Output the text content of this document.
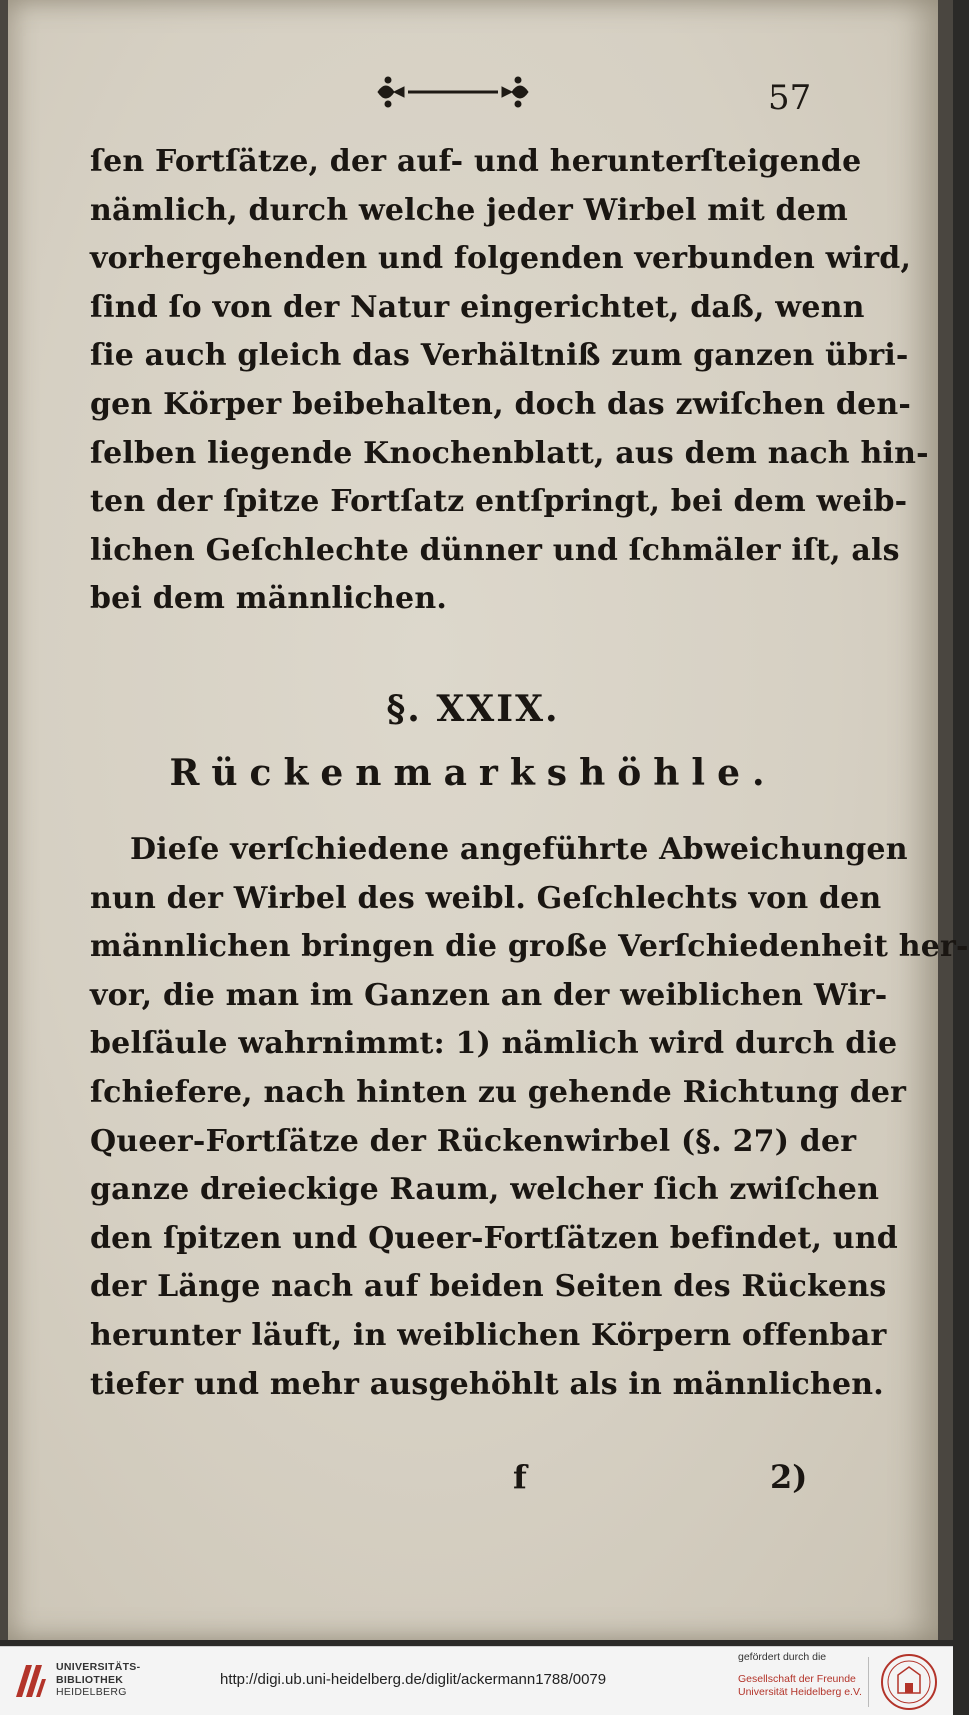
57
ſen Fortſätze, der auf- und herunterſteigende
nämlich, durch welche jeder Wirbel mit dem
vorhergehenden und folgenden verbunden wird,
ſind ſo von der Natur eingerichtet, daß, wenn
ſie auch gleich das Verhältniß zum ganzen übri-
gen Körper beibehalten, doch das zwiſchen den-
ſelben liegende Knochenblatt, aus dem nach hin-
ten der ſpitze Fortſatz entſpringt, bei dem weib-
lichen Geſchlechte dünner und ſchmäler iſt, als
bei dem männlichen.
§. XXIX.
Rückenmarkshöhle.
Dieſe verſchiedene angeführte Abweichungen
nun der Wirbel des weibl. Geſchlechts von den
männlichen bringen die große Verſchiedenheit her-
vor, die man im Ganzen an der weiblichen Wir-
belſäule wahrnimmt: 1) nämlich wird durch die
ſchiefere, nach hinten zu gehende Richtung der
Queer-Fortſätze der Rückenwirbel (§. 27) der
ganze dreieckige Raum, welcher ſich zwiſchen
den ſpitzen und Queer-Fortſätzen befindet, und
der Länge nach auf beiden Seiten des Rückens
herunter läuft, in weiblichen Körpern offenbar
tiefer und mehr ausgehöhlt als in männlichen.
f	2)
UNIVERSITÄTS-
BIBLIOTHEK
HEIDELBERG
http://digi.ub.uni-heidelberg.de/diglit/ackermann1788/0079
gefördert durch die
Gesellschaft der Freunde
Universität Heidelberg e.V.
